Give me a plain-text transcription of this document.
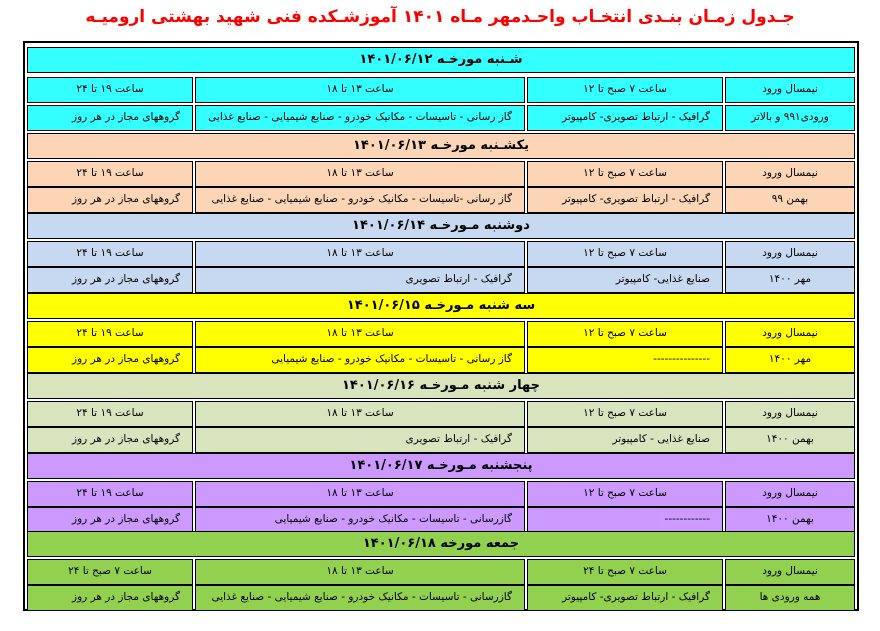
جـدول زمـان بنـدی انتخـاب واحـدمهر مـاه ۱۴۰۱ آموزشـکده فنی شهید بهشتی ارومیـه
شـنبه مورخـه ۱۴۰۱/۰۶/۱۲
نیمسال ورود
ساعت ۷ صبح تا ۱۲
ساعت ۱۳ تا ۱۸
ساعت ۱۹ تا ۲۴
ورودی۹۹۱ و بالاتر
گرافیک - ارتباط تصویری- کامپیوتر
گاز رسانی - تاسیسات - مکانیک خودرو - صنایع شیمیایی - صنایع غذایی
گروههای مجاز در هر روز
یکشـنبه مورخـه ۱۴۰۱/۰۶/۱۳
نیمسال ورود
ساعت ۷ صبح تا ۱۲
ساعت ۱۳ تا ۱۸
ساعت ۱۹ تا ۲۴
بهمن ۹۹
گرافیک - ارتباط تصویری- کامپیوتر
گاز رسانی -تاسیسات - مکانیک خودرو - صنایع شیمیایی - صنایع غذایی
گروههای مجاز در هر روز
دوشنبه مـورخـه ۱۴۰۱/۰۶/۱۴
نیمسال ورود
ساعت ۷ صبح تا ۱۲
ساعت ۱۳ تا ۱۸
ساعت ۱۹ تا ۲۴
مهر ۱۴۰۰
صنایع غذایی- کامپیوتر
گرافیک - ارتباط تصویری
گروههای مجاز در هر روز
سه شنبه مـورخـه ۱۴۰۱/۰۶/۱۵
نیمسال ورود
ساعت ۷ صبح تا ۱۲
ساعت ۱۳ تا ۱۸
ساعت ۱۹ تا ۲۴
مهر ۱۴۰۰
---------------
گاز رسانی - تاسیسات - مکانیک خودرو - صنایع شیمیایی
گروههای مجاز در هر روز
چهار شنبه مـورخـه ۱۴۰۱/۰۶/۱۶
نیمسال ورود
ساعت ۷ صبح تا ۱۲
ساعت ۱۳ تا ۱۸
ساعت ۱۹ تا ۲۴
بهمن ۱۴۰۰
صنایع غذایی - کامپیوتر
گرافیک - ارتباط تصویری
گروههای مجاز در هر روز
پنجشنبه مـورخـه ۱۴۰۱/۰۶/۱۷
نیمسال ورود
ساعت ۷ صبح تا ۱۲
ساعت ۱۳ تا ۱۸
ساعت ۱۹ تا ۲۴
بهمن ۱۴۰۰
------------
گازرسانی - تاسیسات - مکانیک خودرو - صنایع شیمیایی
گروههای مجاز در هر روز
جمعه مورخه ۱۴۰۱/۰۶/۱۸
نیمسال ورود
ساعت ۷ صبح تا ۲۴
ساعت ۱۳ تا ۱۸
ساعت ۷ صبح تا ۲۴
همه ورودی ها
گرافیک - ارتباط تصویری- کامپیوتر
گازرسانی - تاسیسات - مکانیک خودرو - صنایع شیمیایی - صنایع غذایی
گروههای مجاز در هر روز
